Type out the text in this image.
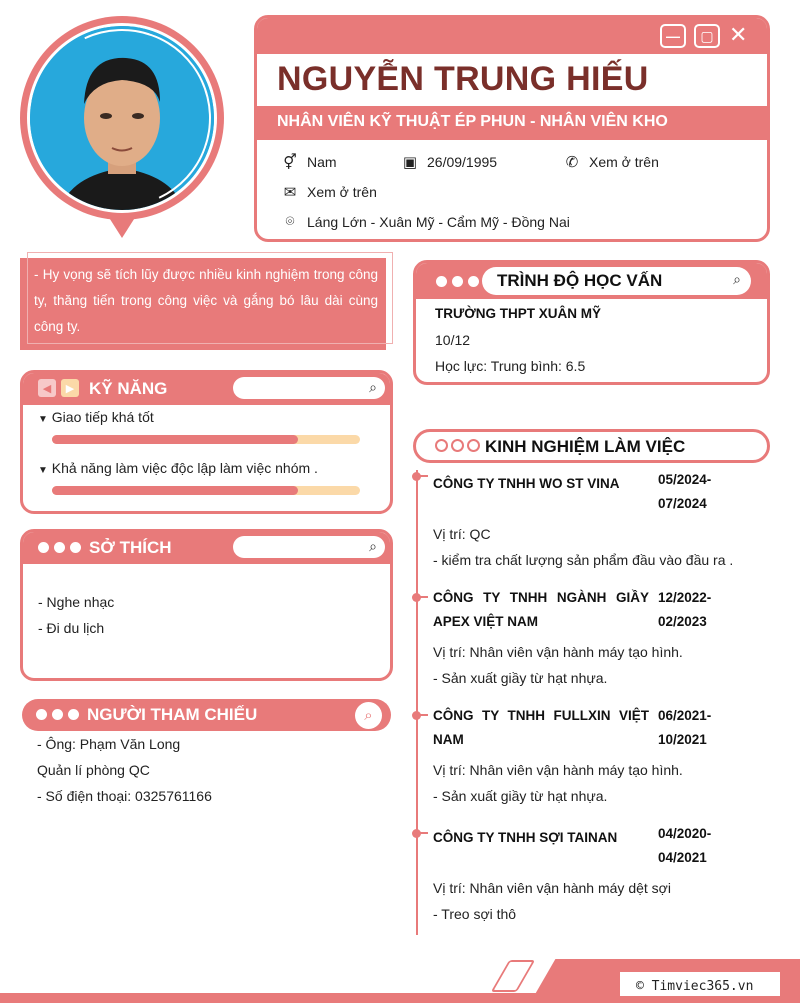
—	▢ ✕
NGUYỄN TRUNG HIẾU
NHÂN VIÊN KỸ THUẬT ÉP PHUN - NHÂN VIÊN KHO
⚥ Nam	▣ 26/09/1995	✆ Xem ở trên
✉ Xem ở trên
⌾ Láng Lớn - Xuân Mỹ - Cẩm Mỹ - Đồng Nai
- Hy vọng sẽ tích lũy được nhiều kinh nghiệm trong công ty, thăng tiến trong công việc và gắng bó lâu dài cùng công ty.
◀	▶ KỸ NĂNG	⌕
▼ Giao tiếp khá tốt
▼ Khả năng làm việc độc lập làm việc nhóm .
SỞ THÍCH	⌕
- Nghe nhạc
- Đi du lịch
NGƯỜI THAM CHIẾU	⌕
- Ông: Phạm Văn Long
Quản lí phòng QC
- Số điện thoại: 0325761166
TRÌNH ĐỘ HỌC VẤN	⌕
TRƯỜNG THPT XUÂN MỸ
10/12
Học lực: Trung bình: 6.5
KINH NGHIỆM LÀM VIỆC
CÔNG TY TNHH WO ST VINA	05/2024-
07/2024
Vị trí: QC
- kiểm tra chất lượng sản phẩm đầu vào đầu ra .
CÔNG TY TNHH NGÀNH GIẦY APEX VIỆT NAM
12/2022-
02/2023
Vị trí: Nhân viên vận hành máy tạo hình.
- Sản xuất giầy từ hạt nhựa.
CÔNG TY TNHH FULLXIN VIỆT NAM
06/2021-
10/2021
Vị trí: Nhân viên vận hành máy tạo hình.
- Sản xuất giầy từ hạt nhựa.
CÔNG TY TNHH SỢI TAINAN	04/2020-
04/2021
Vị trí: Nhân viên vận hành máy dệt sợi
- Treo sợi thô
© Timviec365.vn
